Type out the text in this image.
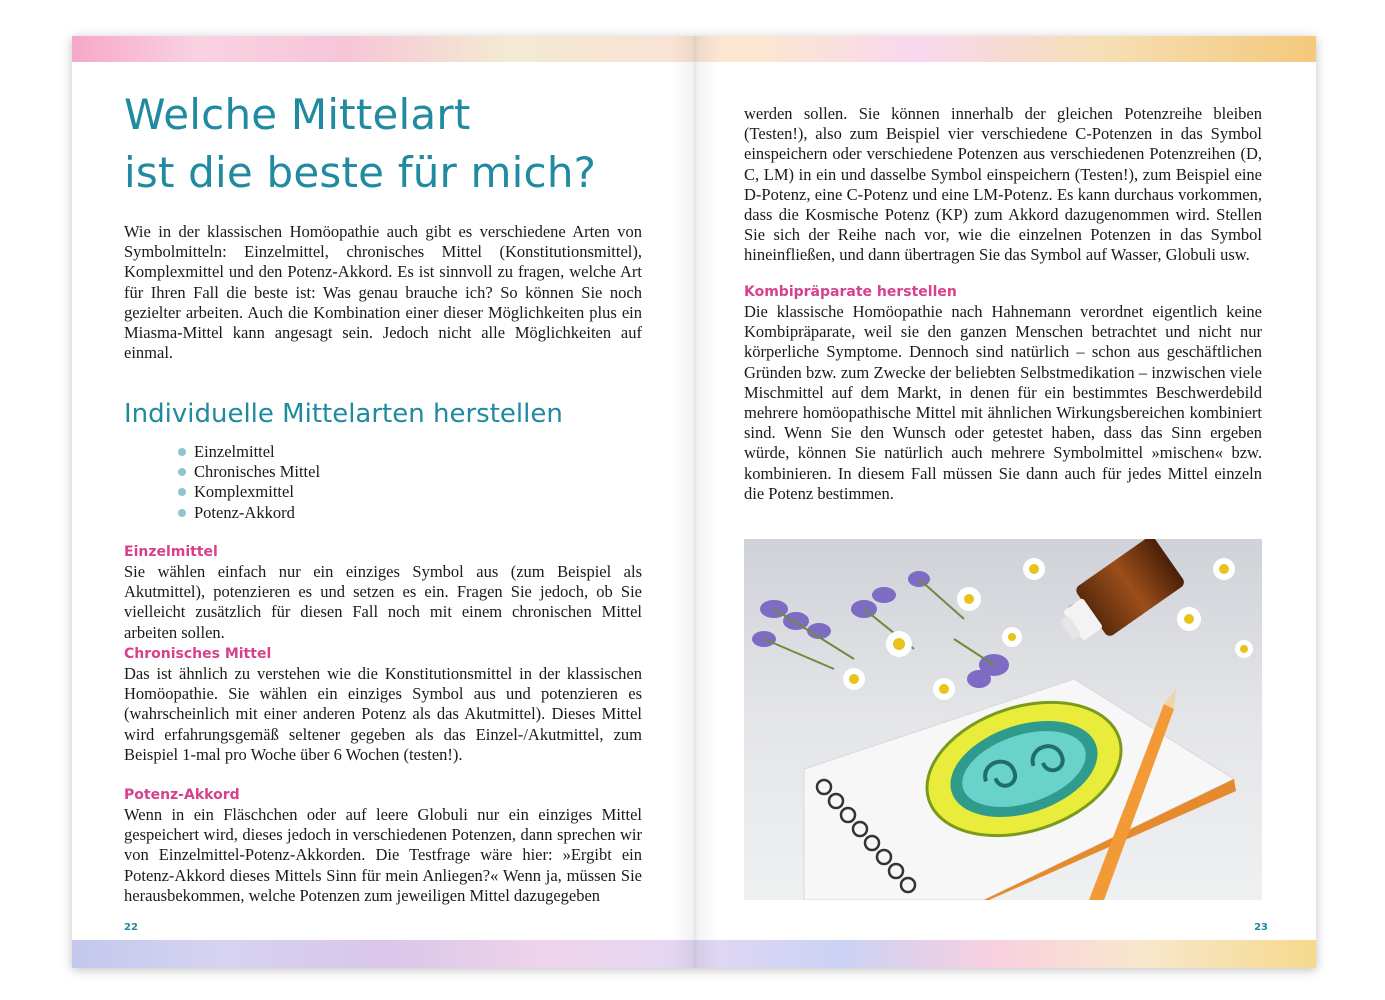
Welche Mittelart
ist die beste für mich?

Wie in der klassischen Homöopathie auch gibt es verschiedene Arten von Symbolmitteln: Einzelmittel, chronisches Mittel (Konstitutionsmittel), Komplexmittel und den Potenz-Akkord. Es ist sinnvoll zu fragen, welche Art für Ihren Fall die beste ist: Was genau brauche ich? So können Sie noch gezielter arbeiten. Auch die Kombination einer dieser Möglichkeiten plus ein Miasma-Mittel kann angesagt sein. Jedoch nicht alle Möglichkeiten auf einmal.

Individuelle Mittelarten herstellen
Einzelmittel
Chronisches Mittel
Komplexmittel
Potenz-Akkord
Einzelmittel

Sie wählen einfach nur ein einziges Symbol aus (zum Beispiel als Akutmittel), potenzieren es und setzen es ein. Fragen Sie jedoch, ob Sie vielleicht zusätzlich für diesen Fall noch mit einem chronischen Mittel arbeiten sollen.

Chronisches Mittel

Das ist ähnlich zu verstehen wie die Konstitutionsmittel in der klassischen Homöopathie. Sie wählen ein einziges Symbol aus und potenzieren es (wahrscheinlich mit einer anderen Potenz als das Akutmittel). Dieses Mittel wird erfahrungsgemäß seltener gegeben als das Einzel-/Akutmittel, zum Beispiel 1-mal pro Woche über 6 Wochen (testen!).

Potenz-Akkord

Wenn in ein Fläschchen oder auf leere Globuli nur ein einziges Mittel gespeichert wird, dieses jedoch in verschiedenen Potenzen, dann sprechen wir von Einzelmittel-Potenz-Akkorden. Die Testfrage wäre hier: »Ergibt ein Potenz-Akkord dieses Mittels Sinn für mein Anliegen?« Wenn ja, müssen Sie herausbekommen, welche Potenzen zum jeweiligen Mittel dazugegeben

22

werden sollen. Sie können innerhalb der gleichen Potenzreihe bleiben (Testen!), also zum Beispiel vier verschiedene C-Potenzen in das Symbol einspeichern oder verschiedene Potenzen aus verschiedenen Potenzreihen (D, C, LM) in ein und dasselbe Symbol einspeichern (Testen!), zum Beispiel eine D-Potenz, eine C-Potenz und eine LM-Potenz. Es kann durchaus vorkommen, dass die Kosmische Potenz (KP) zum Akkord dazugenommen wird. Stellen Sie sich der Reihe nach vor, wie die einzelnen Potenzen in das Symbol hineinfließen, und dann übertragen Sie das Symbol auf Wasser, Globuli usw.

Kombipräparate herstellen

Die klassische Homöopathie nach Hahnemann verordnet eigentlich keine Kombipräparate, weil sie den ganzen Menschen betrachtet und nicht nur körperliche Symptome. Dennoch sind natürlich – schon aus geschäftlichen Gründen bzw. zum Zwecke der beliebten Selbstmedikation – inzwischen viele Mischmittel auf dem Markt, in denen für ein bestimmtes Beschwerdebild mehrere homöopathische Mittel mit ähnlichen Wirkungsbereichen kombiniert sind. Wenn Sie den Wunsch oder getestet haben, dass das Sinn ergeben würde, können Sie natürlich auch mehrere Symbolmittel »mischen« bzw. kombinieren. In diesem Fall müssen Sie dann auch für jedes Mittel einzeln die Potenz bestimmen.

23
